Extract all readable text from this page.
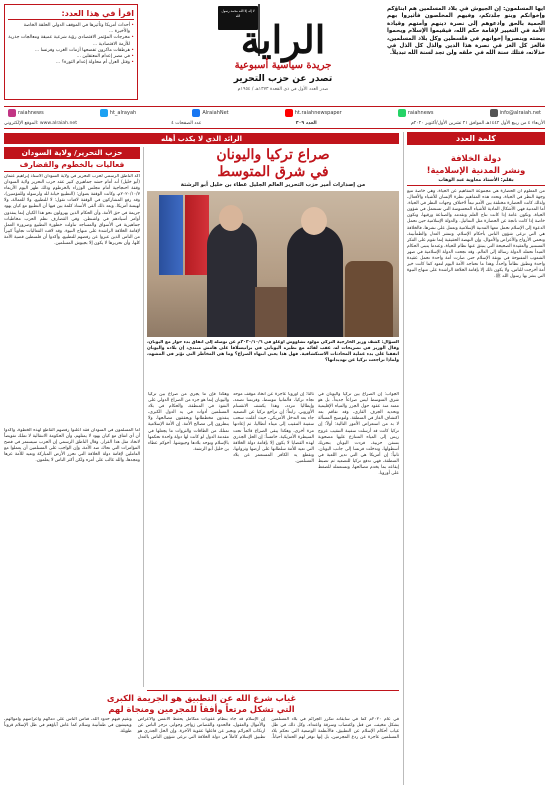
اقرأ في هذا العدد:
• أحداث أمريكا وتأثيرها في الموقف الدولي الحلقة الخاصة والأخيرة ...
• مخرجات المؤتمر الاقتصادي رؤية شرعية عميقة ومعالجات جذرية للأزمة الاقتصادية ...
• هرطقات ماكرون تفضحها أزمات الغرب وفرنسا ...
• في مصر إعدام المعتقلين ...
• وقتل العزل أم محاولة إعدام الثورة؟ ...
لا إله إلا الله محمد رسول الله
الراية
جريدة سياسية أسبوعية
تصدر عن حزب التحرير
صدر العدد الأول في ذي القعدة ١٣٧٣هـ / ١٩٥٤م
أيها المسلمون: إن الجيوش في بلاد المسلمين هم أبناؤكم وإخوانكم وبنو جلدتكم، وفيهم المخلصون فأثيروا بهم الحمية بالحق وادعوهم إلى نصرة دينهم وأمتهم وقيادة الأمة في التغيير لإقامة حكم الله، فيقيموا الإسلام ويحموا بيضته وينصروا إخوانهم في فلسطين وكل بلاد المسلمين، فالعز كل العز في نصرة هذا الدين والذل كل الذل في خذلانه، فتلك سنة الله في خلقه ولن تجد لسنة الله تبديلاً.
raiahnews	ht_alrayah	AlraiahNet	ht.raiahnewspaper	raiahnews	info@alraiah.net
الأربعاء ٤ من ربيع الأول ١٤٤٢هـ الموافق ٢١ تشرين الأول/أكتوبر ٢٠٢٠م
العدد ٣٠٩
عدد الصفحات ٤
الموقع الإلكتروني: www.alraiah.net
كلمة العدد
دولة الخلافة
ونشر المدنية الإسلامية!
بقلم: الأستاذ معاوية عبد الوهاب
من المعلوم أن الحضارة هي مجموعة المفاهيم عن الحياة، وهي خاصة تتبع وجهة النظر في الحياة، وتحدد هذه المفاهيم نظرة الإنسان للأشياء والأفعال، ولذلك كانت الحضارة مختلفة بين الأمم تبعاً لاختلاف وجهات النظر في الحياة. أما المدنية فهي الأشكال المادية للأشياء المحسوسة التي تستعمل في شؤون الحياة، وتكون عامة إذا كانت نتاج العلم وتقدمه والصناعة ورقيها، وتكون خاصة إذا كانت ناتجة عن الحضارة مثل التماثيل. والدولة الإسلامية حين تحمل الدعوة إلى الإسلام تحمل معها المدنية الإسلامية وتعمل على نشرها، فالخلافة هي التي ترعى شؤون الناس بأحكام الإسلام، وتنشر العدل والطمأنينة، وتحمي الأرواح والأعراض والأموال. وإن النهضة الحقيقية إنما تقوم على الفكر المستنير والعقيدة الصحيحة التي ينبثق عنها نظام للحياة، وعندما يتبنى الحكام المبدأ تحمله الدولة رسالة إلى العالم. وقد نجحت الدولة الإسلامية في صهر الشعوب المفتوحة في بوتقة الإسلام حتى صارت أمة واحدة تحمل عقيدة واحدة وتطبق نظاماً واحداً، وهذا ما تحتاجه الأمة اليوم لتعود كما كانت خير أمة أخرجت للناس، ولا يكون ذلك إلا بإقامة الخلافة الراشدة على منهاج النبوة التي بشر بها رسول الله ﷺ.
الرائد الذي لا يكذب أهله
حزب التحرير/ ولاية السودان
فعاليات بالخطوم والقضارف
أكد الناطق الرسمي لحزب التحرير في ولاية السودان الأستاذ إبراهيم عثمان (أبو خليل) أنه أمام حشد جماهيري كبير عقد حزب التحرير ولاية السودان وقفة احتجاجية أمام مجلس الوزراء بالخرطوم وذلك ظهر اليوم الأربعاء ٢٠٢٠/١٠/٧م، وكانت الوقفة بعنوان: (التطبيع خيانة لله ولرسوله وللمؤمنين)، وقد رفع المشاركون في الوقفة لافتات تقول: لا للتطبيع، ولا للعمالة، ولا لهيمنة أمريكا. وبعد ذلك ألقى الأستاذ كلمة بين فيها أن التطبيع مع كيان يهود جريمة في حق الأمة، وأن الحكام الذين يهرولون نحو هذا الكيان إنما ينفذون أوامر أسيادهم في واشنطن. وفي القضارف نظم الحزب مخاطبات جماهيرية في الأسواق والمساجد تناولت خطورة التطبيع وضرورة العمل لإقامة الخلافة الراشدة على منهاج النبوة. وقد لاقت الفعاليات تجاوباً كبيراً من الناس الذين عبروا عن رفضهم للتطبيع، وأكدوا أن فلسطين قضية الأمة كلها، وأن تحريرها لا يكون إلا بجيوش المسلمين.
أما المسلمون في السودان فقد أعلنوا رفضهم القاطع لهذه الخطوة، وأكدوا أن أي اتفاق مع كيان يهود لا يمثلهم، وأن الحكومة الانتقالية لا تملك تفويضاً لاتخاذ مثل هذا القرار. وقال الناطق الرسمي إن الحزب سيستمر في فضح المؤامرات التي تحاك ضد الأمة، وإن الواجب على المسلمين أن يعملوا مع العاملين لإقامة دولة الخلافة التي تحرر الأرض المباركة وتعيد للأمة عزها ومجدها، والله غالب على أمره ولكن أكثر الناس لا يعلمون.
صراع تركيا واليونان
في شرق المتوسط
من إصدارات أمير حزب التحرير العالم الجليل عطاء بن خليل أبو الرشتة
السؤال: كشف وزير الخارجية التركي مولود تشاووش أوغلو في ٢٠٢٠/١٠/٦م عن توصله إلى اتفاق بدء حوار مع اليونان، وقال الوزير في تصريحات له، عقب لقائه مع نظيره اليوناني في براتيسلافا على هامش منتدى، إن بلاده واليونان اتفقتا على بدء عملية المحادثات الاستكشافية. فهل هذا يعني انتهاء الصراع؟ وما هي المخاطر التي تؤثر في المشهد، ولماذا تراجعت تركيا عن تهديداتها؟
الجواب: إن الصراع بين تركيا واليونان في شرق المتوسط ليس صراعاً جديداً، بل هو ممتد منذ عقود حول الجزر والمياه الإقليمية وتحديد الجرف القاري، وقد تفاقم بعد اكتشاف الغاز في المنطقة. ولتوضيح المسألة لا بد من استعراض الأمور التالية: أولاً: إن تركيا كانت قد أرسلت سفينة التنقيب عروج ريس إلى المياه المتنازع عليها مصحوبة بسفن حربية، فردت اليونان بتحريك أسطولها، وتدخلت فرنسا إلى جانب اليونان. ثانياً: إن أمريكا هي التي تدير اللعبة في المنطقة، فهي تدفع تركيا للتصعيد ثم تضبط إيقاعه بما يخدم مصالحها، وتستعمله للضغط على أوروبا.
ثالثاً: إن أوروبا عاجزة عن اتخاذ موقف موحد تجاه تركيا، فألمانيا تتوسط، وفرنسا تصعد، وإيطاليا تتردد، وهذا يكشف الانقسام الأوروبي. رابعاً: إن تراجع تركيا عن التصعيد جاء بعد التدخل الأمريكي، حيث أعلنت سحب سفينة التنقيب إلى ميناء أنطاليا، ثم إعادتها مرة أخرى، وهكذا يبقى الصراع قائماً تحت السيطرة الأمريكية. خامساً: إن الحل الجذري لهذه القضايا لا يكون إلا بإقامة دولة الخلافة التي تعيد للأمة سلطانها على أرضها وثرواتها، وتقطع يد الكافر المستعمر عن بلاد المسلمين.
وهكذا فإن ما يجري من صراع بين تركيا واليونان إنما هو جزء من الصراع الدولي على النفوذ في المنطقة، والحكام في بلاد المسلمين أدوات في يد الدول الكبرى، ينفذون مخططاتها ويحققون مصالحها، ولا ينظرون إلى مصالح الأمة. إن الأمة الإسلامية تمتلك من الطاقات والثروات ما يجعلها في مقدمة الدول لو كانت لها دولة واحدة تحكمها بالإسلام وتوحد بلادها وجيوشها. أخوكم عطاء بن خليل أبو الرشتة.
غياب شرع الله عن التطبيق هو الجريمة الكبرى
التي تشكل مرتعاً وأفقاً للمجرمين ومنجاة لهم
في عام ٢٠٢٠م كما في سابقاته تتكرر الجرائم في بلاد المسلمين بشكل مخيف، من قتل واغتصاب وسرقة واعتداء، وكل ذلك في ظل غياب أحكام الإسلام عن التطبيق، فالأنظمة الوضعية التي تحكم بلاد المسلمين عاجزة عن ردع المجرمين، بل إنها توفر لهم الحماية أحياناً. إن الإسلام قد جاء بنظام عقوبات متكامل يحفظ الأنفس والأعراض والأموال والعقول، فالحدود والقصاص زواجر وجوابر، تزجر الناس عن ارتكاب الجرائم وتجبر عن فاعلها عقوبة الآخرة. وإن الحل الجذري هو تطبيق الإسلام كاملاً في دولة الخلافة التي ترعى شؤون الناس بالعدل وتقيم فيهم حدود الله، فتأمن الناس على دمائهم وأعراضهم وأموالهم، ويعيشون في طمأنينة وسلام كما عاش آباؤهم في ظل الإسلام قروناً طويلة.
